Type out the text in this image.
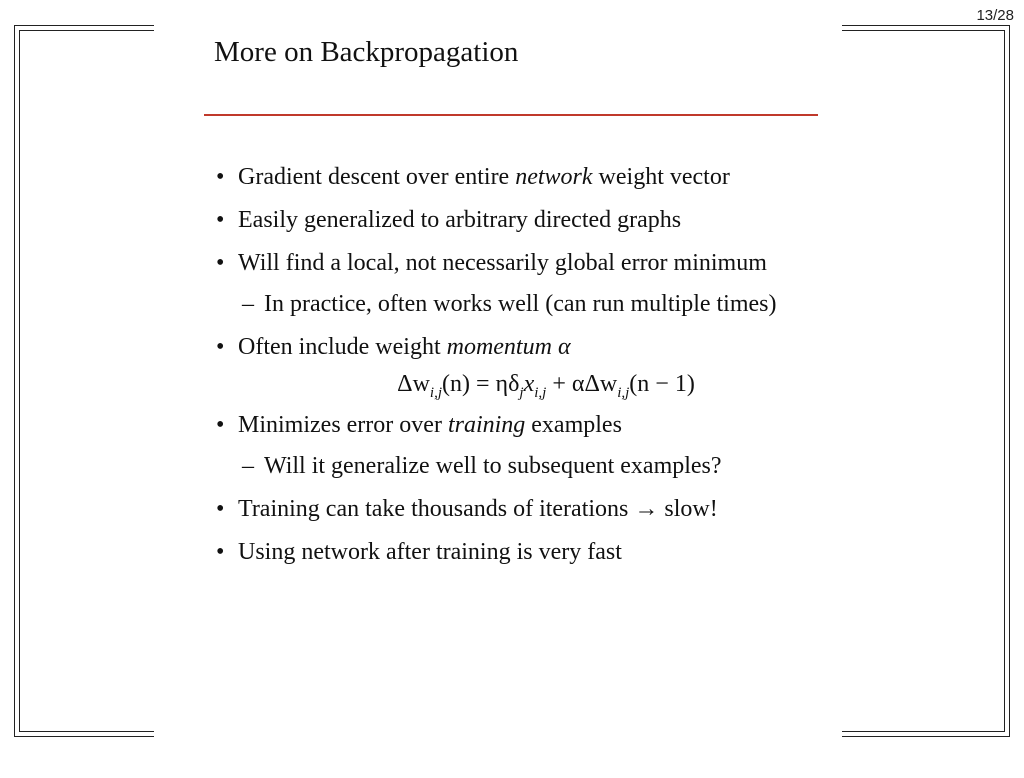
13/28
More on Backpropagation
• Gradient descent over entire network weight vector
• Easily generalized to arbitrary directed graphs
• Will find a local, not necessarily global error minimum
– In practice, often works well (can run multiple times)
• Often include weight momentum α
$\Delta w_{i,j}(n) = \eta\delta_jx_{i,j} + \alpha\Delta w_{i,j}(n - 1)$
• Minimizes error over training examples
– Will it generalize well to subsequent examples?
• Training can take thousands of iterations → slow!
• Using network after training is very fast
